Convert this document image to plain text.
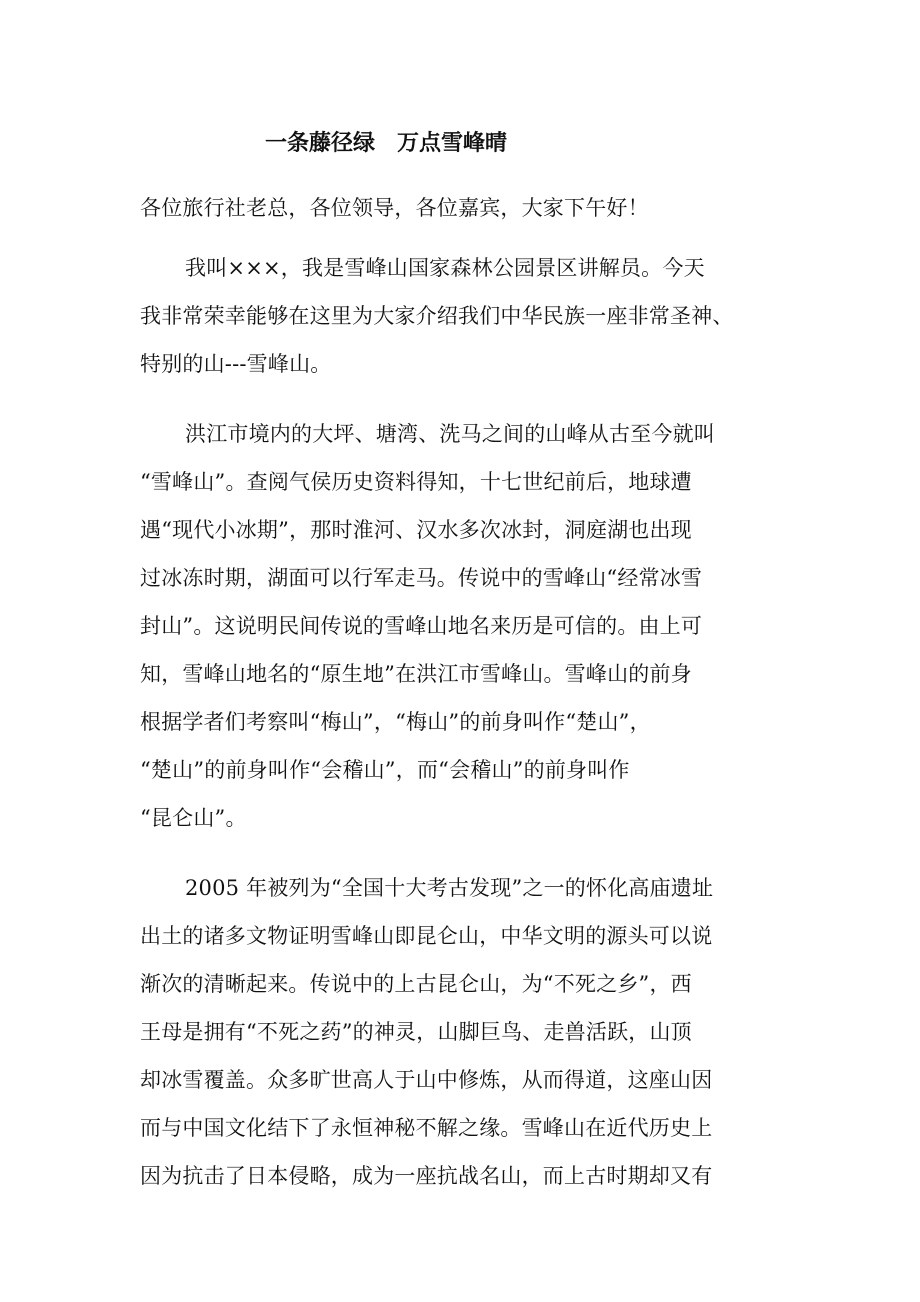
一条藤径绿　万点雪峰晴
各位旅行社老总，各位领导，各位嘉宾，大家下午好！
我叫×××，我是雪峰山国家森林公园景区讲解员。今天
我非常荣幸能够在这里为大家介绍我们中华民族一座非常圣神、
特别的山---雪峰山。
洪江市境内的大坪、塘湾、洗马之间的山峰从古至今就叫
“雪峰山”。查阅气侯历史资料得知，十七世纪前后，地球遭
遇“现代小冰期”，那时淮河、汉水多次冰封，洞庭湖也出现
过冰冻时期，湖面可以行军走马。传说中的雪峰山“经常冰雪
封山”。这说明民间传说的雪峰山地名来历是可信的。由上可
知，雪峰山地名的“原生地”在洪江市雪峰山。雪峰山的前身
根据学者们考察叫“梅山”，“梅山”的前身叫作“楚山”，
“楚山”的前身叫作“会稽山”，而“会稽山”的前身叫作
“昆仑山”。
2005 年被列为“全国十大考古发现”之一的怀化高庙遗址
出土的诸多文物证明雪峰山即昆仑山，中华文明的源头可以说
渐次的清晰起来。传说中的上古昆仑山，为“不死之乡”，西
王母是拥有“不死之药”的神灵，山脚巨鸟、走兽活跃，山顶
却冰雪覆盖。众多旷世高人于山中修炼，从而得道，这座山因
而与中国文化结下了永恒神秘不解之缘。雪峰山在近代历史上
因为抗击了日本侵略，成为一座抗战名山，而上古时期却又有
